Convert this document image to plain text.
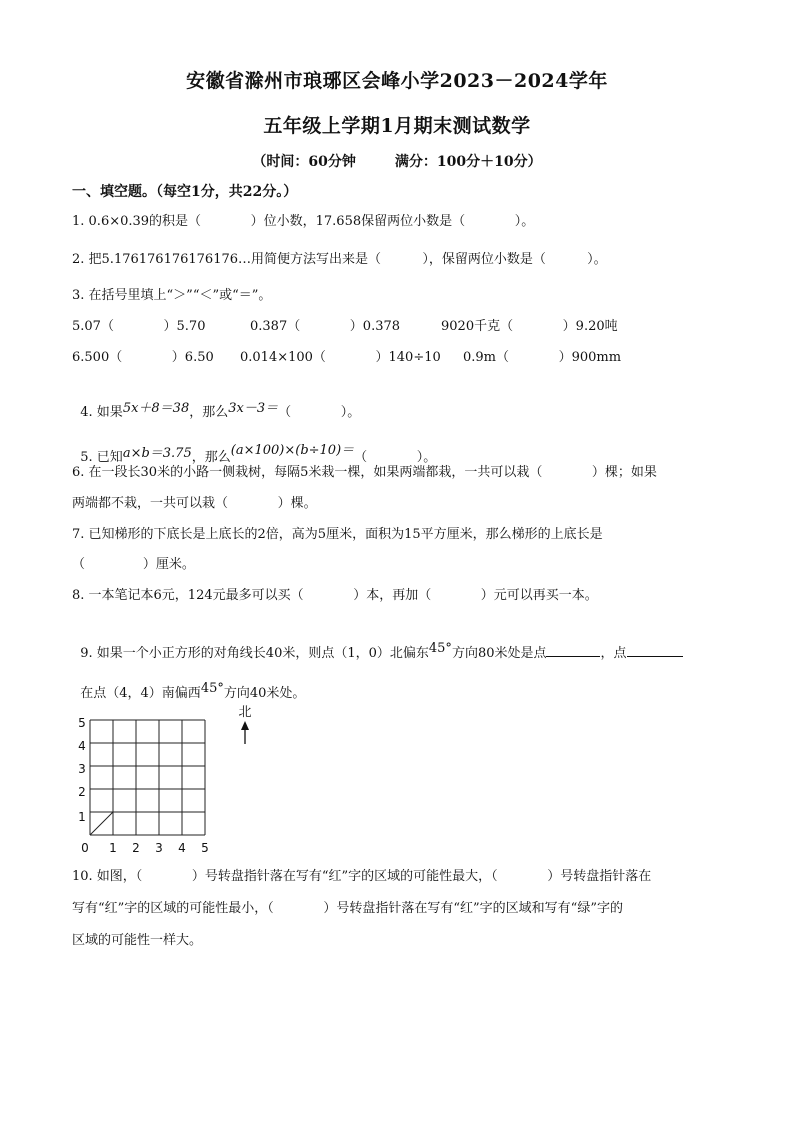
安徽省滁州市琅琊区会峰小学2023－2024学年
五年级上学期1月期末测试数学
（时间：60分钟        满分：100分＋10分）
一、填空题。（每空1分，共22分。）
1. 0.6×0.39的积是（            ）位小数，17.658保留两位小数是（            ）。
2. 把5.176176176176176…用简便方法写出来是（          ），保留两位小数是（          ）。
3. 在括号里填上“＞”“＜”或“＝”。
5.07（            ）5.70	0.387（            ）0.378	9020千克（            ）9.20吨
6.500（            ）6.50 0.014×100（            ）140÷10 0.9m（            ）900mm

4. 如果5x＋8＝38，那么3x－3＝（            ）。

5. 已知a×b＝3.75，那么(a×100)×(b÷10)＝（            ）。

6. 在一段长30米的小路一侧栽树，每隔5米栽一棵，如果两端都栽，一共可以栽（            ）棵；如果
两端都不栽，一共可以栽（            ）棵。
7. 已知梯形的下底长是上底长的2倍，高为5厘米，面积为15平方厘米，那么梯形的上底长是
（              ）厘米。
8. 一本笔记本6元，124元最多可以买（            ）本，再加（            ）元可以再买一本。

9. 如果一个小正方形的对角线长40米，则点（1，0）北偏东45°方向80米处是点	，点

在点（4，4）南偏西45°方向40米处。

0 1 2 3 4 5
1
2
3
4
5
北
10. 如图，（            ）号转盘指针落在写有“红”字的区域的可能性最大，（            ）号转盘指针落在
写有“红”字的区域的可能性最小，（            ）号转盘指针落在写有“红”字的区域和写有“绿”字的
区域的可能性一样大。
